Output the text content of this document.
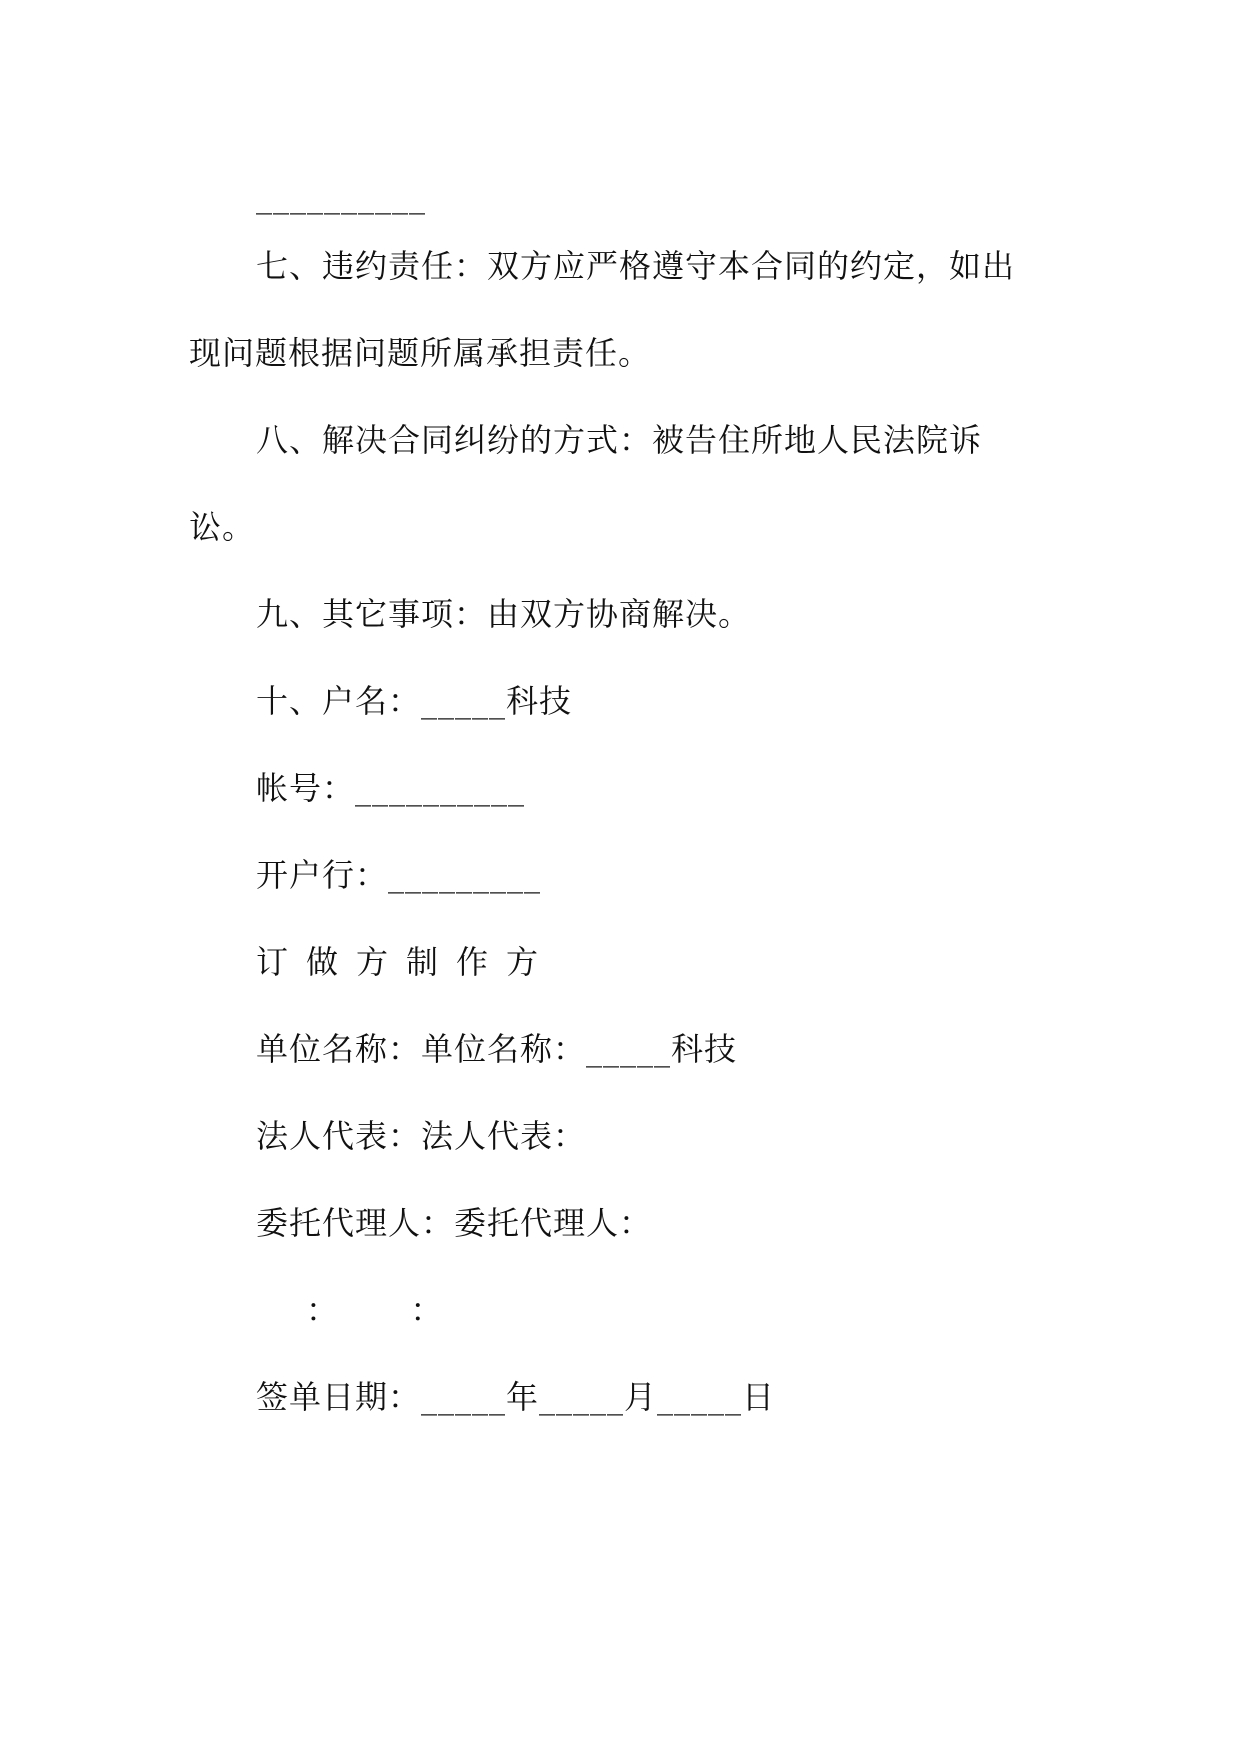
__________
七、违约责任：双方应严格遵守本合同的约定，如出
现问题根据问题所属承担责任。
八、解决合同纠纷的方式：被告住所地人民法院诉
讼。
九、其它事项：由双方协商解决。
十、户名：_____科技
帐号：__________
开户行：_________
订做方制作方
单位名称：单位名称：_____科技
法人代表：法人代表：
委托代理人：委托代理人：
： ：
签单日期：_____年_____月_____日
